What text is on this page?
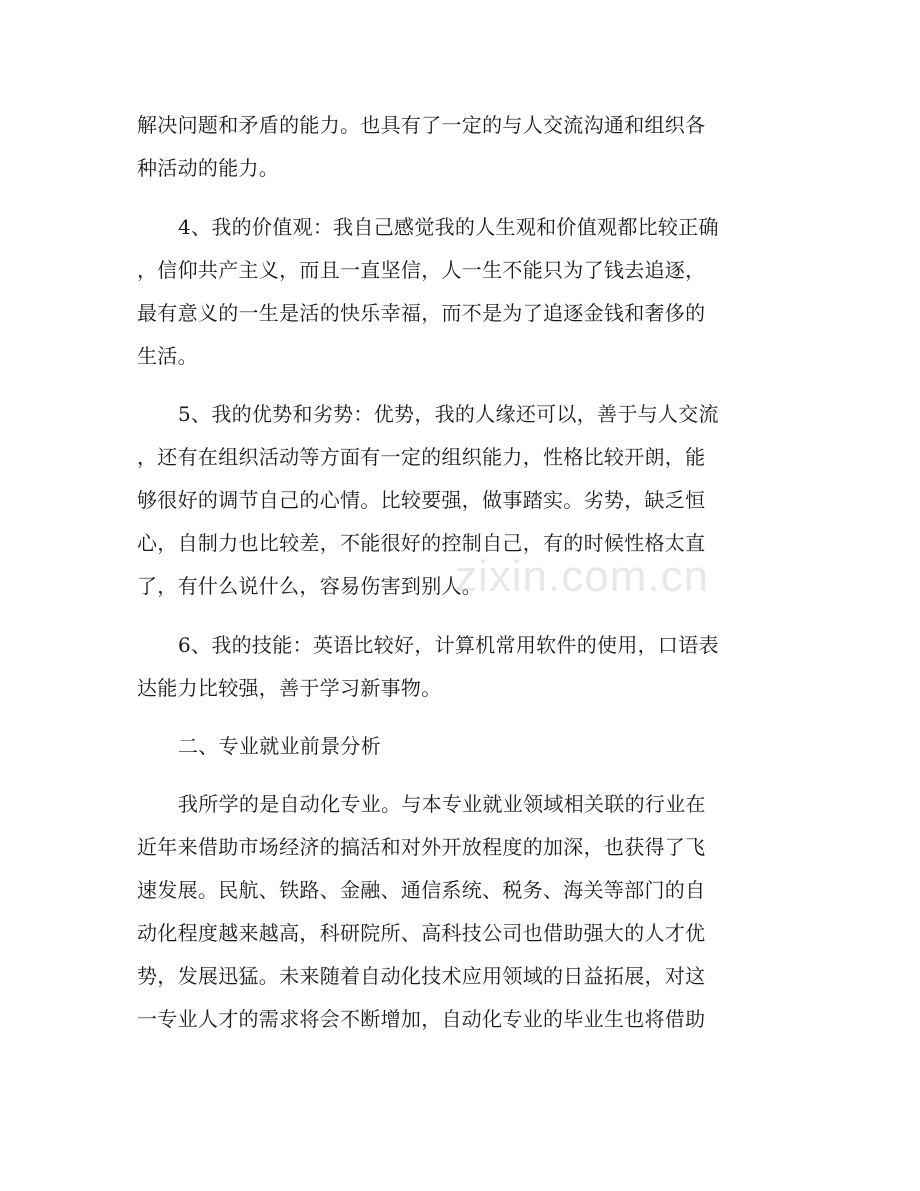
解决问题和矛盾的能力。也具有了一定的与人交流沟通和组织各

种活动的能力。

4、我的价值观：我自己感觉我的人生观和价值观都比较正确

，信仰共产主义，而且一直坚信，人一生不能只为了钱去追逐，

最有意义的一生是活的快乐幸福，而不是为了追逐金钱和奢侈的

生活。

5、我的优势和劣势：优势，我的人缘还可以，善于与人交流

，还有在组织活动等方面有一定的组织能力，性格比较开朗，能

够很好的调节自己的心情。比较要强，做事踏实。劣势，缺乏恒

心，自制力也比较差，不能很好的控制自己，有的时候性格太直

了，有什么说什么，容易伤害到别人。

6、我的技能：英语比较好，计算机常用软件的使用，口语表

达能力比较强，善于学习新事物。

二、专业就业前景分析

我所学的是自动化专业。与本专业就业领域相关联的行业在

近年来借助市场经济的搞活和对外开放程度的加深，也获得了飞

速发展。民航、铁路、金融、通信系统、税务、海关等部门的自

动化程度越来越高，科研院所、高科技公司也借助强大的人才优

势，发展迅猛。未来随着自动化技术应用领域的日益拓展，对这

一专业人才的需求将会不断增加，自动化专业的毕业生也将借助

zixin.com.cn
